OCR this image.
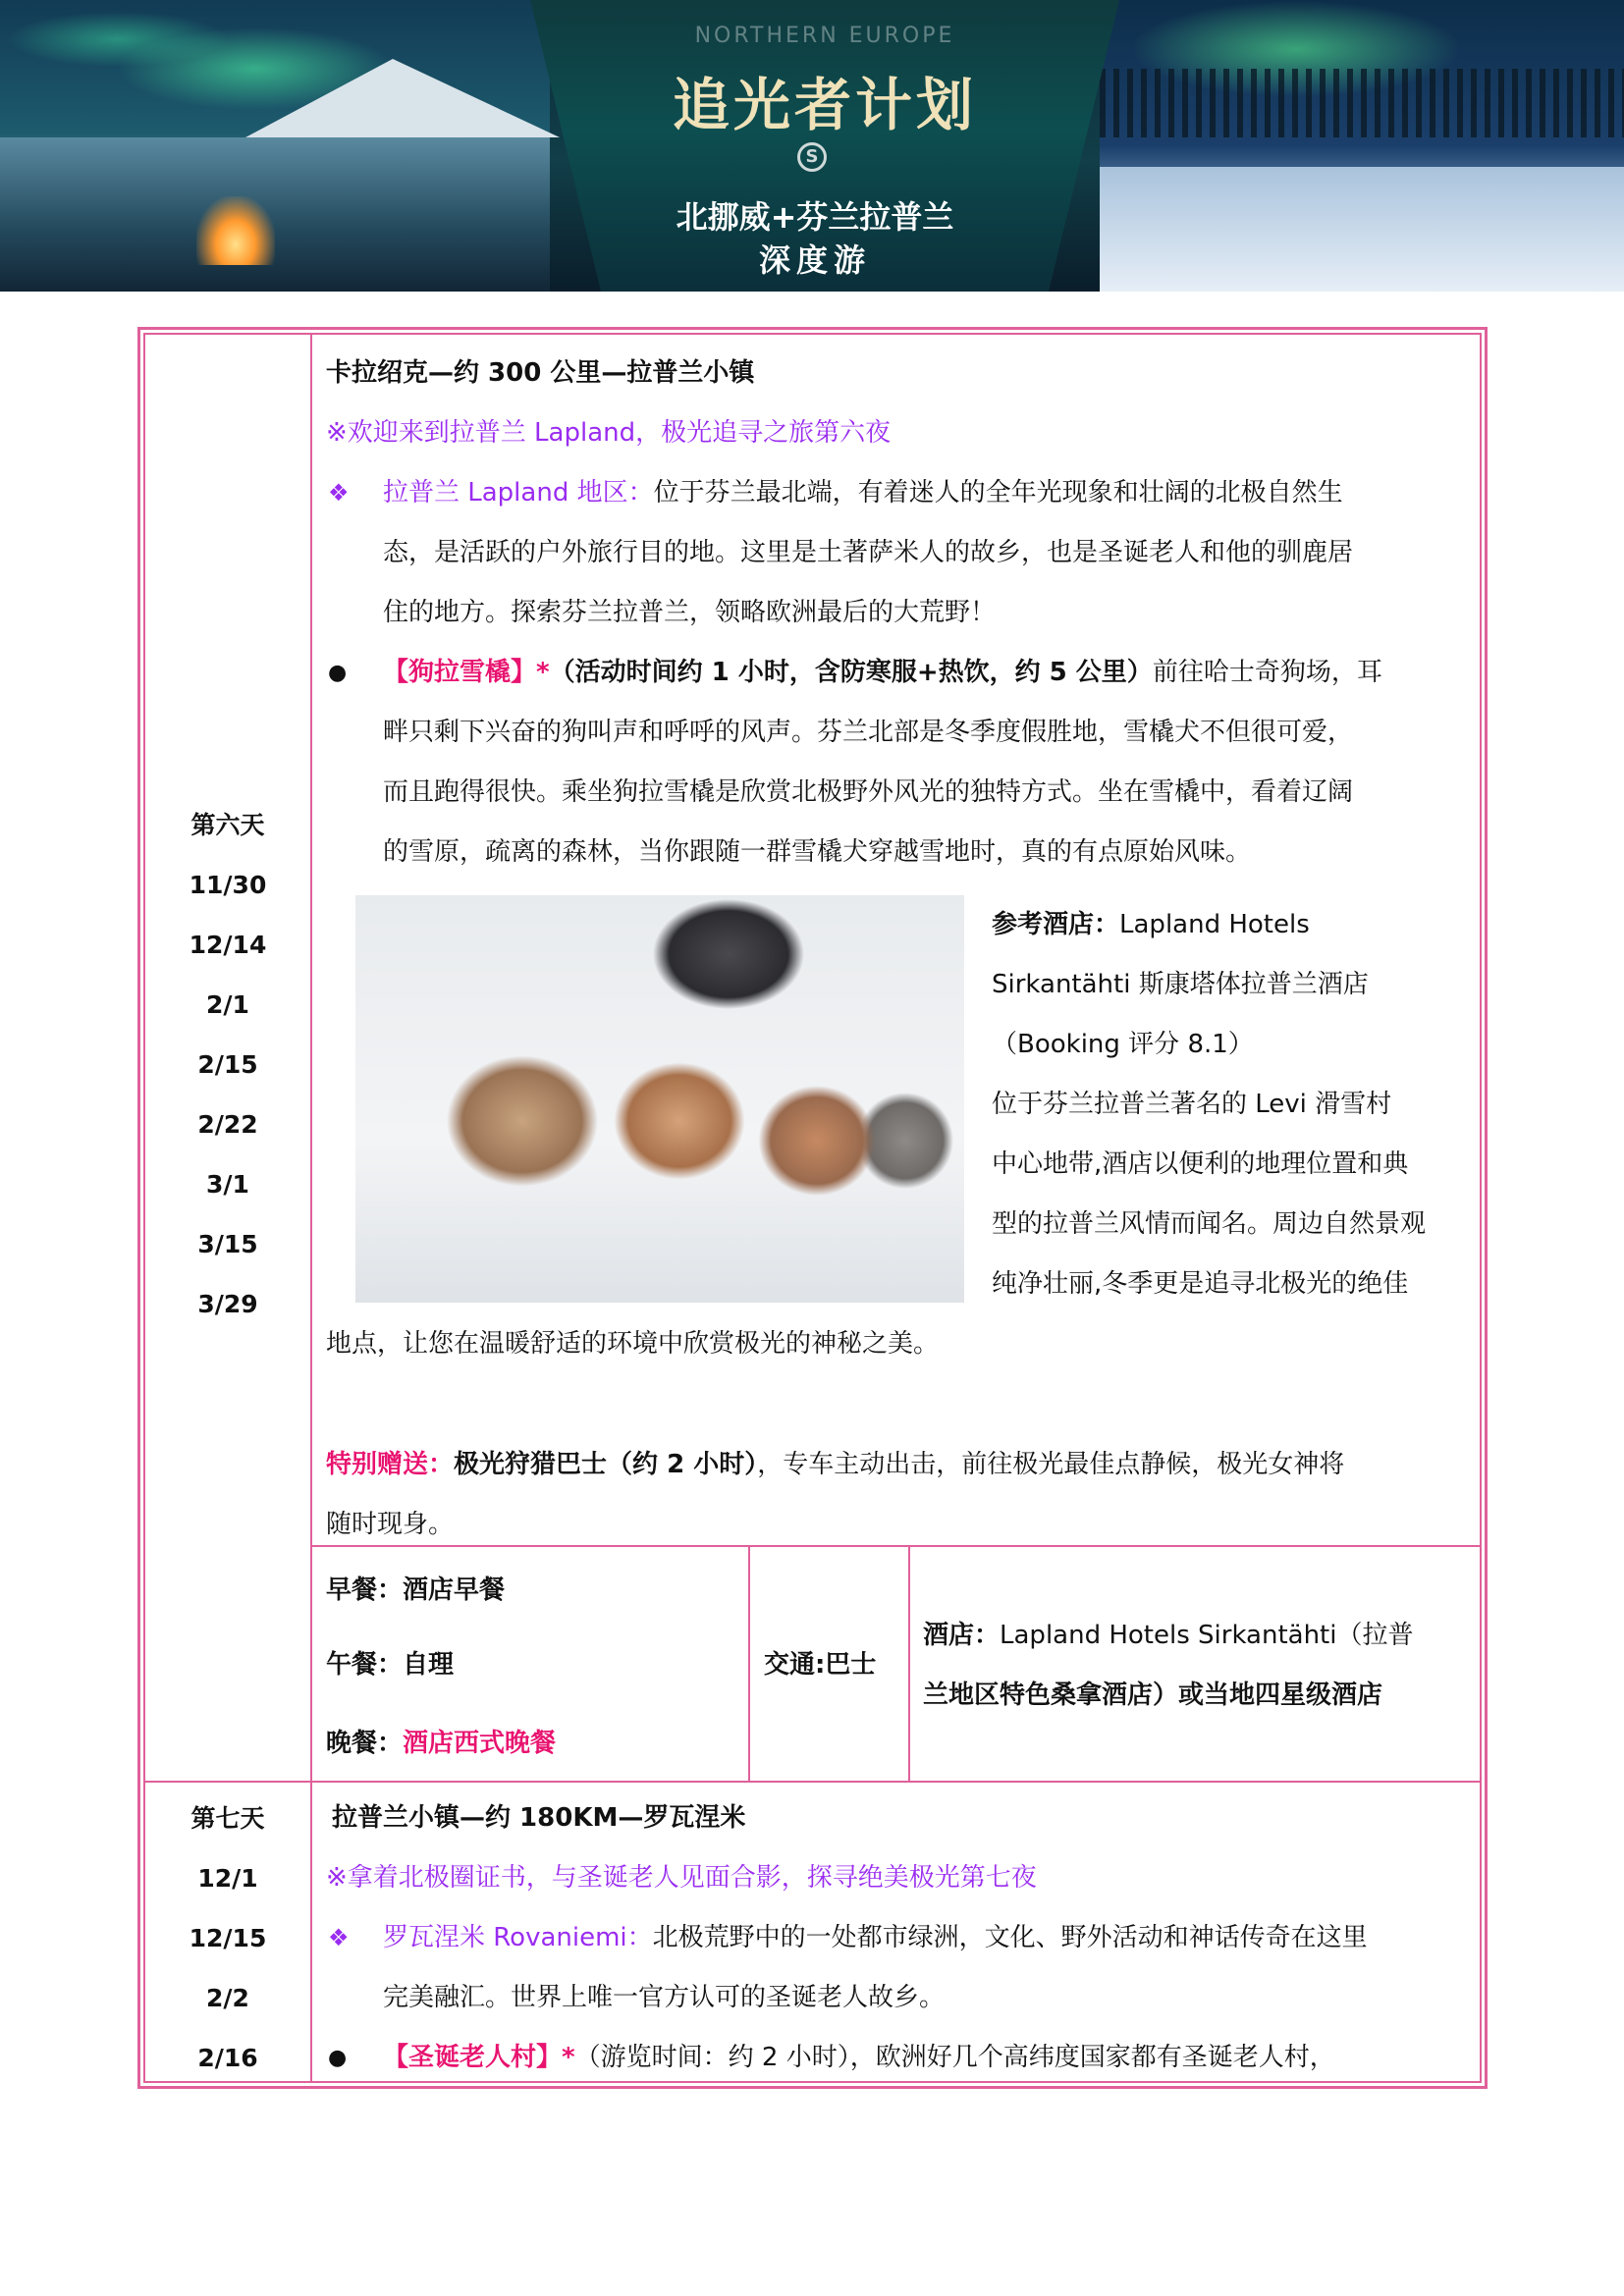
NORTHERN EUROPE
追光者计划
S
北挪威+芬兰拉普兰
深度游
第六天
11/30
12/14
2/1
2/15
2/22
3/1
3/15
3/29
卡拉绍克—约 300 公里—拉普兰小镇
※欢迎来到拉普兰 Lapland，极光追寻之旅第六夜
❖ 拉普兰 Lapland 地区：位于芬兰最北端，有着迷人的全年光现象和壮阔的北极自然生
态，是活跃的户外旅行目的地。这里是土著萨米人的故乡，也是圣诞老人和他的驯鹿居
住的地方。探索芬兰拉普兰，领略欧洲最后的大荒野！
● 【狗拉雪橇】*（活动时间约 1 小时，含防寒服+热饮，约 5 公里）前往哈士奇狗场，耳
畔只剩下兴奋的狗叫声和呼呼的风声。芬兰北部是冬季度假胜地，雪橇犬不但很可爱，
而且跑得很快。乘坐狗拉雪橇是欣赏北极野外风光的独特方式。坐在雪橇中，看着辽阔
的雪原，疏离的森林，当你跟随一群雪橇犬穿越雪地时，真的有点原始风味。
参考酒店：Lapland Hotels
Sirkantähti 斯康塔体拉普兰酒店
（Booking 评分 8.1）
位于芬兰拉普兰著名的 Levi 滑雪村
中心地带,酒店以便利的地理位置和典
型的拉普兰风情而闻名。周边自然景观
纯净壮丽,冬季更是追寻北极光的绝佳
地点，让您在温暖舒适的环境中欣赏极光的神秘之美。
特别赠送：极光狩猎巴士（约 2 小时），专车主动出击，前往极光最佳点静候，极光女神将
随时现身。
早餐：酒店早餐
午餐：自理
晚餐：酒店西式晚餐
交通:巴士
酒店：Lapland Hotels Sirkantähti（拉普
兰地区特色桑拿酒店）或当地四星级酒店
第七天
12/1
12/15
2/2
2/16
拉普兰小镇—约 180KM—罗瓦涅米
※拿着北极圈证书，与圣诞老人见面合影，探寻绝美极光第七夜
❖ 罗瓦涅米 Rovaniemi：北极荒野中的一处都市绿洲，文化、野外活动和神话传奇在这里
完美融汇。世界上唯一官方认可的圣诞老人故乡。
● 【圣诞老人村】*（游览时间：约 2 小时），欧洲好几个高纬度国家都有圣诞老人村，
